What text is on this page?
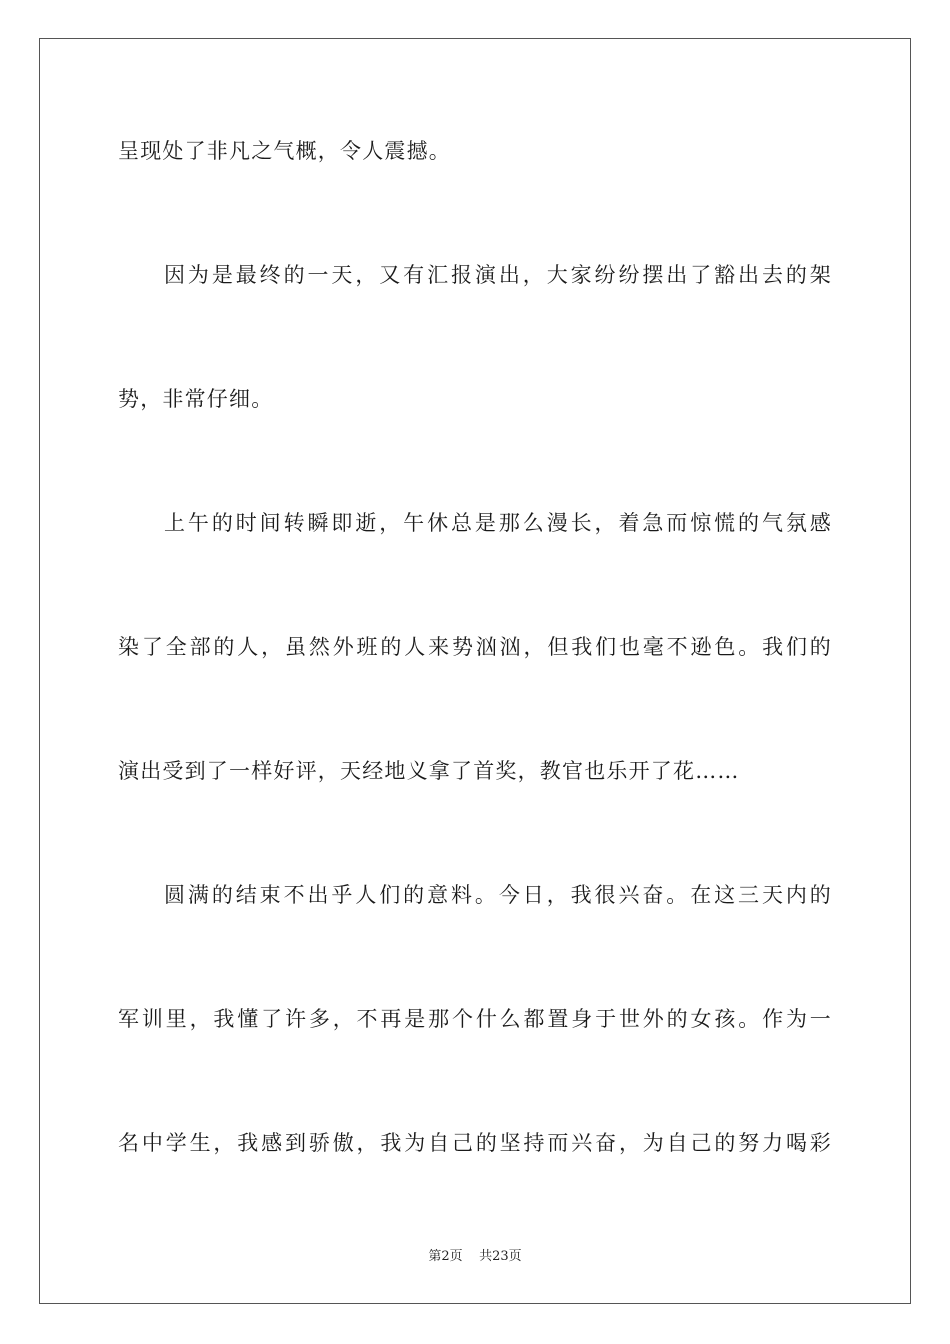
呈现处了非凡之气概，令人震撼。
因为是最终的一天，又有汇报演出，大家纷纷摆出了豁出去的架
势，非常仔细。
上午的时间转瞬即逝，午休总是那么漫长，着急而惊慌的气氛感
染了全部的人，虽然外班的人来势汹汹，但我们也毫不逊色。我们的
演出受到了一样好评，天经地义拿了首奖，教官也乐开了花……
圆满的结束不出乎人们的意料。今日，我很兴奋。在这三天内的
军训里，我懂了许多，不再是那个什么都置身于世外的女孩。作为一
名中学生，我感到骄傲，我为自己的坚持而兴奋，为自己的努力喝彩
第2页 共23页
